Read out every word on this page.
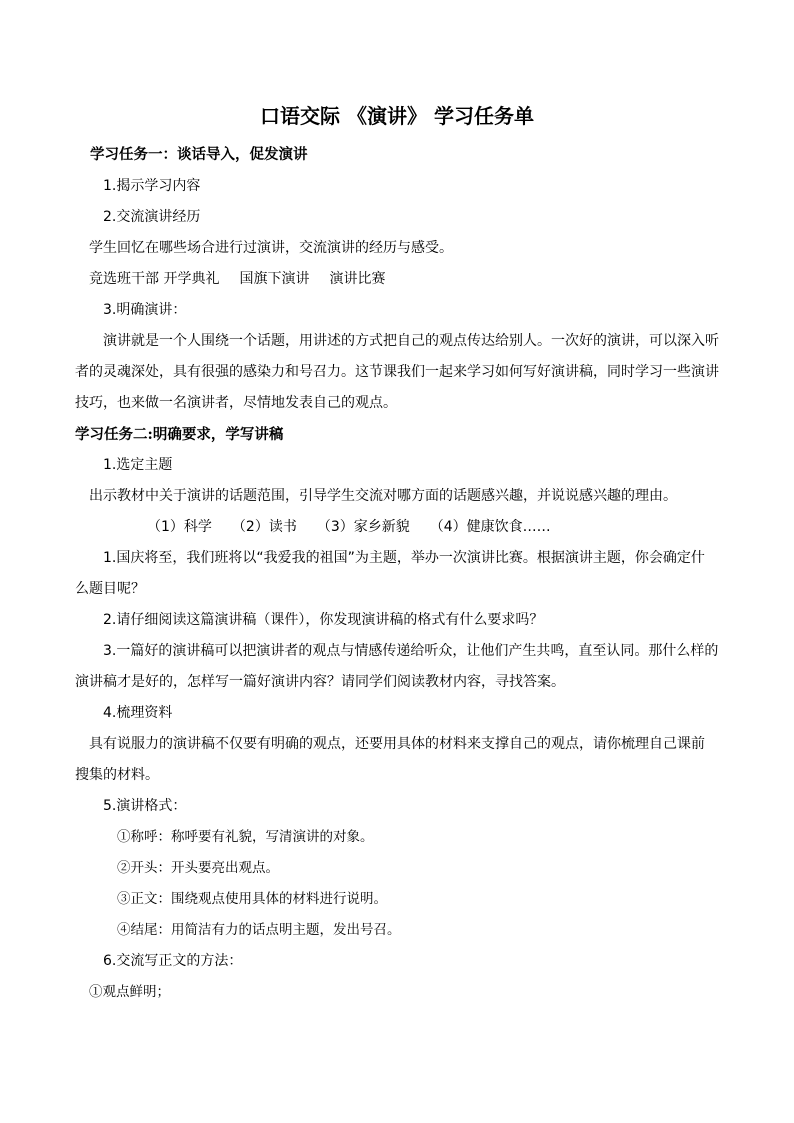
口语交际 《演讲》 学习任务单
学习任务一：谈话导入，促发演讲
1.揭示学习内容
2.交流演讲经历
学生回忆在哪些场合进行过演讲，交流演讲的经历与感受。
竞选班干部 开学典礼 国旗下演讲 演讲比赛
3.明确演讲：
演讲就是一个人围绕一个话题，用讲述的方式把自己的观点传达给别人。一次好的演讲，可以深入听
者的灵魂深处，具有很强的感染力和号召力。这节课我们一起来学习如何写好演讲稿，同时学习一些演讲
技巧，也来做一名演讲者，尽情地发表自己的观点。
学习任务二:明确要求，学写讲稿
1.选定主题
出示教材中关于演讲的话题范围，引导学生交流对哪方面的话题感兴趣，并说说感兴趣的理由。
（1）科学 （2）读书 （3）家乡新貌 （4）健康饮食……
1.国庆将至，我们班将以“我爱我的祖国”为主题，举办一次演讲比赛。根据演讲主题，你会确定什
么题目呢？
2.请仔细阅读这篇演讲稿（课件），你发现演讲稿的格式有什么要求吗？
3.一篇好的演讲稿可以把演讲者的观点与情感传递给听众，让他们产生共鸣，直至认同。那什么样的
演讲稿才是好的，怎样写一篇好演讲内容？请同学们阅读教材内容，寻找答案。
4.梳理资料
具有说服力的演讲稿不仅要有明确的观点，还要用具体的材料来支撑自己的观点，请你梳理自己课前
搜集的材料。
5.演讲格式：
①称呼：称呼要有礼貌，写清演讲的对象。
②开头：开头要亮出观点。
③正文：围绕观点使用具体的材料进行说明。
④结尾：用简洁有力的话点明主题，发出号召。
6.交流写正文的方法：
①观点鲜明；
